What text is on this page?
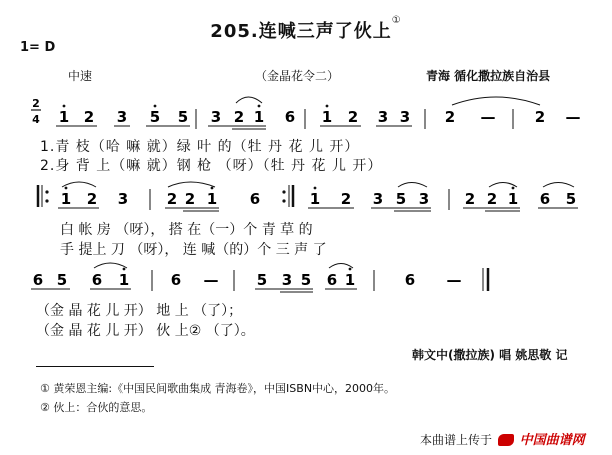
205.连喊三声了伙上①
1= D
中速	（金晶花令二）	青海 循化撒拉族自治县
2
4 1 2 3 5 5 3 2 1 6 1 2 3 3 2 —	2 —
1.青 枝（哈 嘛 就）绿 叶 的（牡 丹 花 儿 开）
2.身 背 上（嘛 就）钢 枪 （呀）（牡 丹 花 儿 开）
1 2 3	2 2 1 6	1 2 3 5 3 2 2 1 6 5
白 帐 房 （呀）， 搭 在（一）个 青 草 的
手 提上 刀 （呀）， 连 喊（的）个 三 声 了
6 5 6 1	6 —	5 3 5 6 1	6 —
（金 晶 花 儿 开） 地 上 （了）；
（金 晶 花 儿 开） 伙 上② （了）。
韩文中(撒拉族) 唱 姚思敬 记
① 黄荣恩主编:《中国民间歌曲集成 青海卷》，中国ISBN中心，2000年。
② 伙上：合伙的意思。
本曲谱上传于 中国曲谱网
